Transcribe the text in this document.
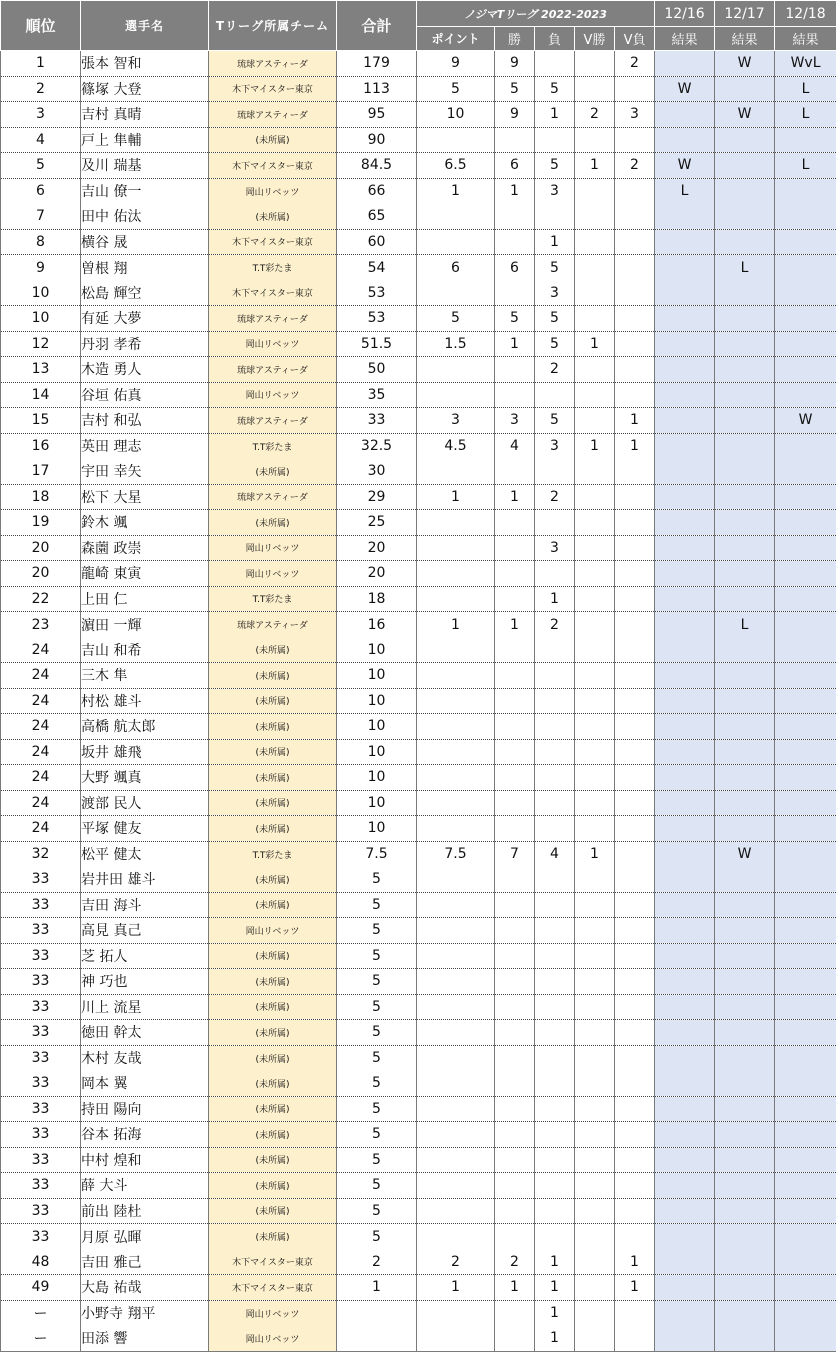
順位	選手名	Tリーグ所属チーム	合計	ノジマTリーグ 2022-2023					12/16	12/17	12/18
				ポイント	勝	負	V勝	V負	結果	結果	結果
1	張本 智和	琉球アスティーダ	179	9	9			2		W	WvL
2	篠塚 大登	木下マイスター東京	113	5	5	5			W		L
3	吉村 真晴	琉球アスティーダ	95	10	9	1	2	3		W	L
4	戸上 隼輔	(未所属)	90								
5	及川 瑞基	木下マイスター東京	84.5	6.5	6	5	1	2	W		L
6	吉山 僚一	岡山リベッツ	66	1	1	3			L		
7	田中 佑汰	(未所属)	65								
8	横谷 晟	木下マイスター東京	60			1					
9	曽根 翔	T.T彩たま	54	6	6	5				L	
10	松島 輝空	木下マイスター東京	53			3					
10	有延 大夢	琉球アスティーダ	53	5	5	5					
12	丹羽 孝希	岡山リベッツ	51.5	1.5	1	5	1				
13	木造 勇人	琉球アスティーダ	50			2					
14	谷垣 佑真	岡山リベッツ	35								
15	吉村 和弘	琉球アスティーダ	33	3	3	5		1			W
16	英田 理志	T.T彩たま	32.5	4.5	4	3	1	1			
17	宇田 幸矢	(未所属)	30								
18	松下 大星	琉球アスティーダ	29	1	1	2					
19	鈴木 颯	(未所属)	25								
20	森薗 政崇	岡山リベッツ	20			3					
20	龍崎 東寅	岡山リベッツ	20								
22	上田 仁	T.T彩たま	18			1					
23	濵田 一輝	琉球アスティーダ	16	1	1	2				L	
24	吉山 和希	(未所属)	10								
24	三木 隼	(未所属)	10								
24	村松 雄斗	(未所属)	10								
24	高橋 航太郎	(未所属)	10								
24	坂井 雄飛	(未所属)	10								
24	大野 颯真	(未所属)	10								
24	渡部 民人	(未所属)	10								
24	平塚 健友	(未所属)	10								
32	松平 健太	T.T彩たま	7.5	7.5	7	4	1			W	
33	岩井田 雄斗	(未所属)	5								
33	吉田 海斗	(未所属)	5								
33	高見 真己	岡山リベッツ	5								
33	芝 拓人	(未所属)	5								
33	神 巧也	(未所属)	5								
33	川上 流星	(未所属)	5								
33	徳田 幹太	(未所属)	5								
33	木村 友哉	(未所属)	5								
33	岡本 翼	(未所属)	5								
33	持田 陽向	(未所属)	5								
33	谷本 拓海	(未所属)	5								
33	中村 煌和	(未所属)	5								
33	薛 大斗	(未所属)	5								
33	前出 陸杜	(未所属)	5								
33	月原 弘暉	(未所属)	5								
48	吉田 雅己	木下マイスター東京	2	2	2	1		1			
49	大島 祐哉	木下マイスター東京	1	1	1	1		1			
ー	小野寺 翔平	岡山リベッツ				1					
ー	田添 響	岡山リベッツ				1					
